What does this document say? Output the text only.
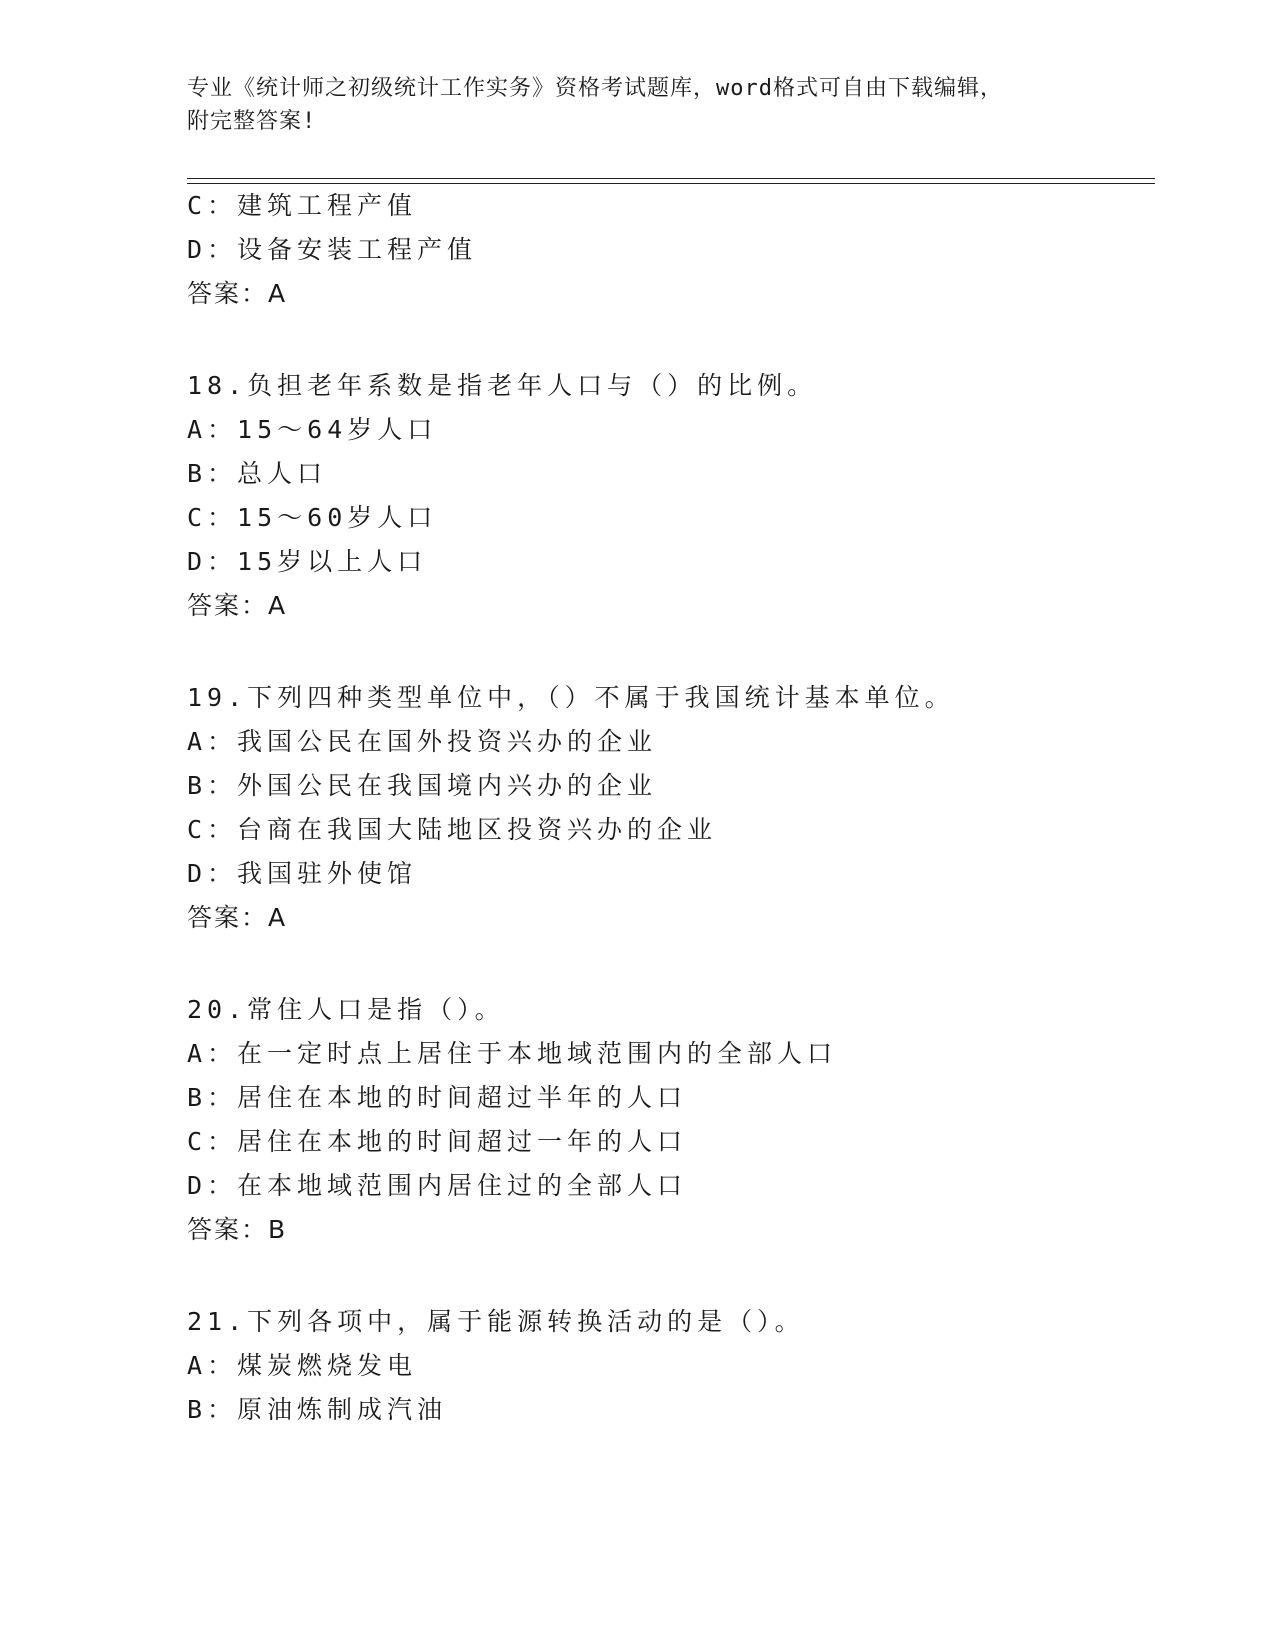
专业《统计师之初级统计工作实务》资格考试题库，word格式可自由下载编辑，
附完整答案!
C：建筑工程产值
D：设备安装工程产值
答案：A
18.负担老年系数是指老年人口与（）的比例。
A：15～64岁人口
B：总人口
C：15～60岁人口
D：15岁以上人口
答案：A
19.下列四种类型单位中，（）不属于我国统计基本单位。
A：我国公民在国外投资兴办的企业
B：外国公民在我国境内兴办的企业
C：台商在我国大陆地区投资兴办的企业
D：我国驻外使馆
答案：A
20.常住人口是指（）。
A：在一定时点上居住于本地域范围内的全部人口
B：居住在本地的时间超过半年的人口
C：居住在本地的时间超过一年的人口
D：在本地域范围内居住过的全部人口
答案：B
21.下列各项中，属于能源转换活动的是（）。
A：煤炭燃烧发电
B：原油炼制成汽油
